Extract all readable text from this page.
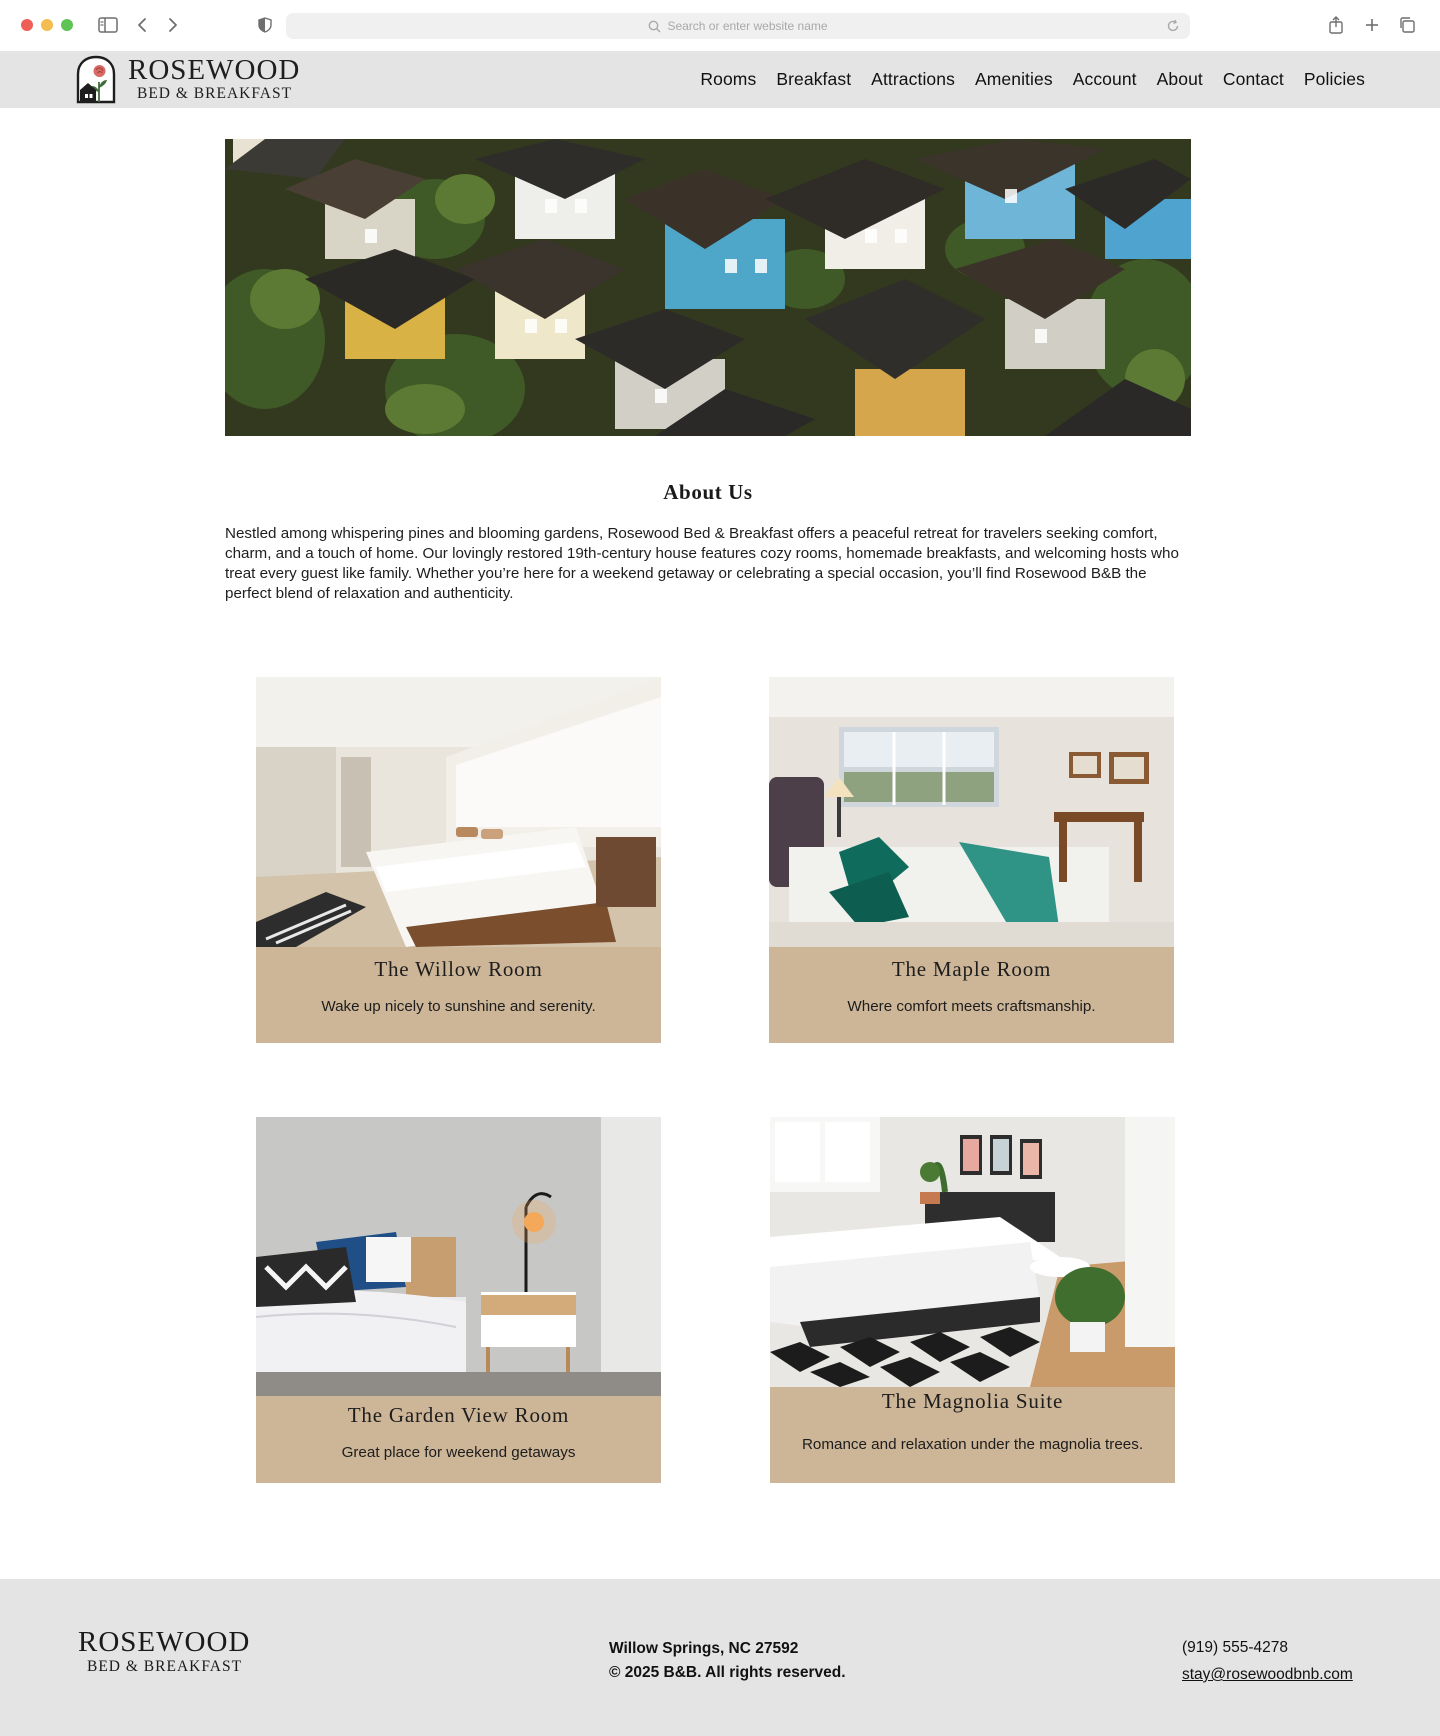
Search or enter website name
ROSEWOOD
BED & BREAKFAST
Rooms Breakfast Attractions Amenities Account About Contact Policies
About Us

Nestled among whispering pines and blooming gardens, Rosewood Bed & Breakfast offers a peaceful retreat for travelers seeking comfort, charm, and a touch of home. Our lovingly restored 19th-century house features cozy rooms, homemade breakfasts, and welcoming hosts who treat every guest like family. Whether you’re here for a weekend getaway or celebrating a special occasion, you’ll find Rosewood B&B the perfect blend of relaxation and authenticity.

The Willow Room
Wake up nicely to sunshine and serenity.
The Maple Room
Where comfort meets craftsmanship.
The Garden View Room
Great place for weekend getaways
The Magnolia Suite
Romance and relaxation under the magnolia trees.
ROSEWOOD
BED & BREAKFAST
Willow Springs, NC 27592
© 2025 B&B. All rights reserved.
(919) 555-4278
stay@rosewoodbnb.com
